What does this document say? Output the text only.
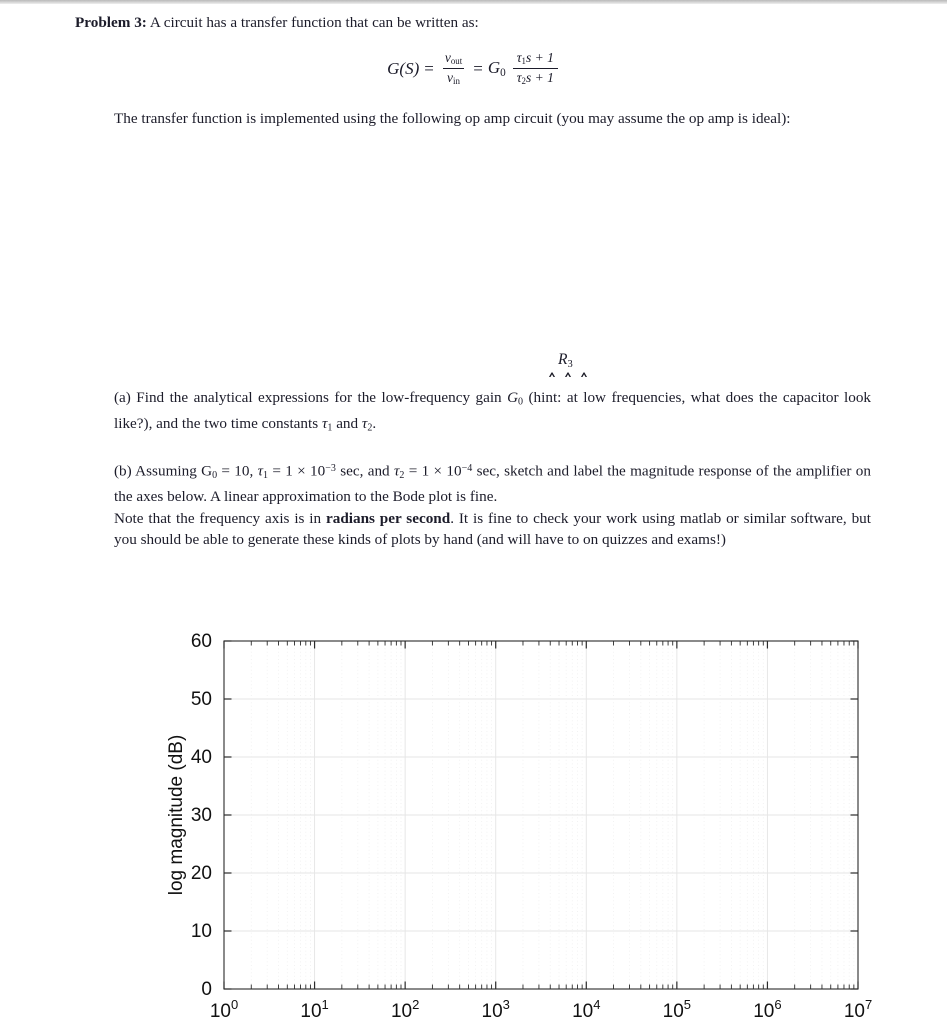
Problem 3: A circuit has a transfer function that can be written as:
$G(S) = \frac{v_{out}}{v_{in}} = G_0 \frac{\tau_1s + 1}{\tau_2s + 1}$
The transfer function is implemented using the following op amp circuit (you may assume the op amp is ideal):
$R_3$
(a) Find the analytical expressions for the low-frequency gain $G_0$ (hint: at low frequencies, what does the capacitor look like?), and the two time constants $\tau_1$ and $\tau_2$.
(b) Assuming $G_0 = 10$, $\tau_1 = 1 \times 10^{-3}$ sec, and $\tau_2 = 1 \times 10^{-4}$ sec, sketch and label the magnitude response of the amplifier on the axes below. A linear approximation to the Bode plot is fine.
Note that the frequency axis is in radians per second. It is fine to check your work using matlab or similar software, but you should be able to generate these kinds of plots by hand (and will have to on quizzes and exams!)
0
10
20
30
40
50
60
$10^0$	$10^1$	$10^2$	$10^3$	$10^4$	$10^5$	$10^6$	$10^7$
log magnitude (dB)
